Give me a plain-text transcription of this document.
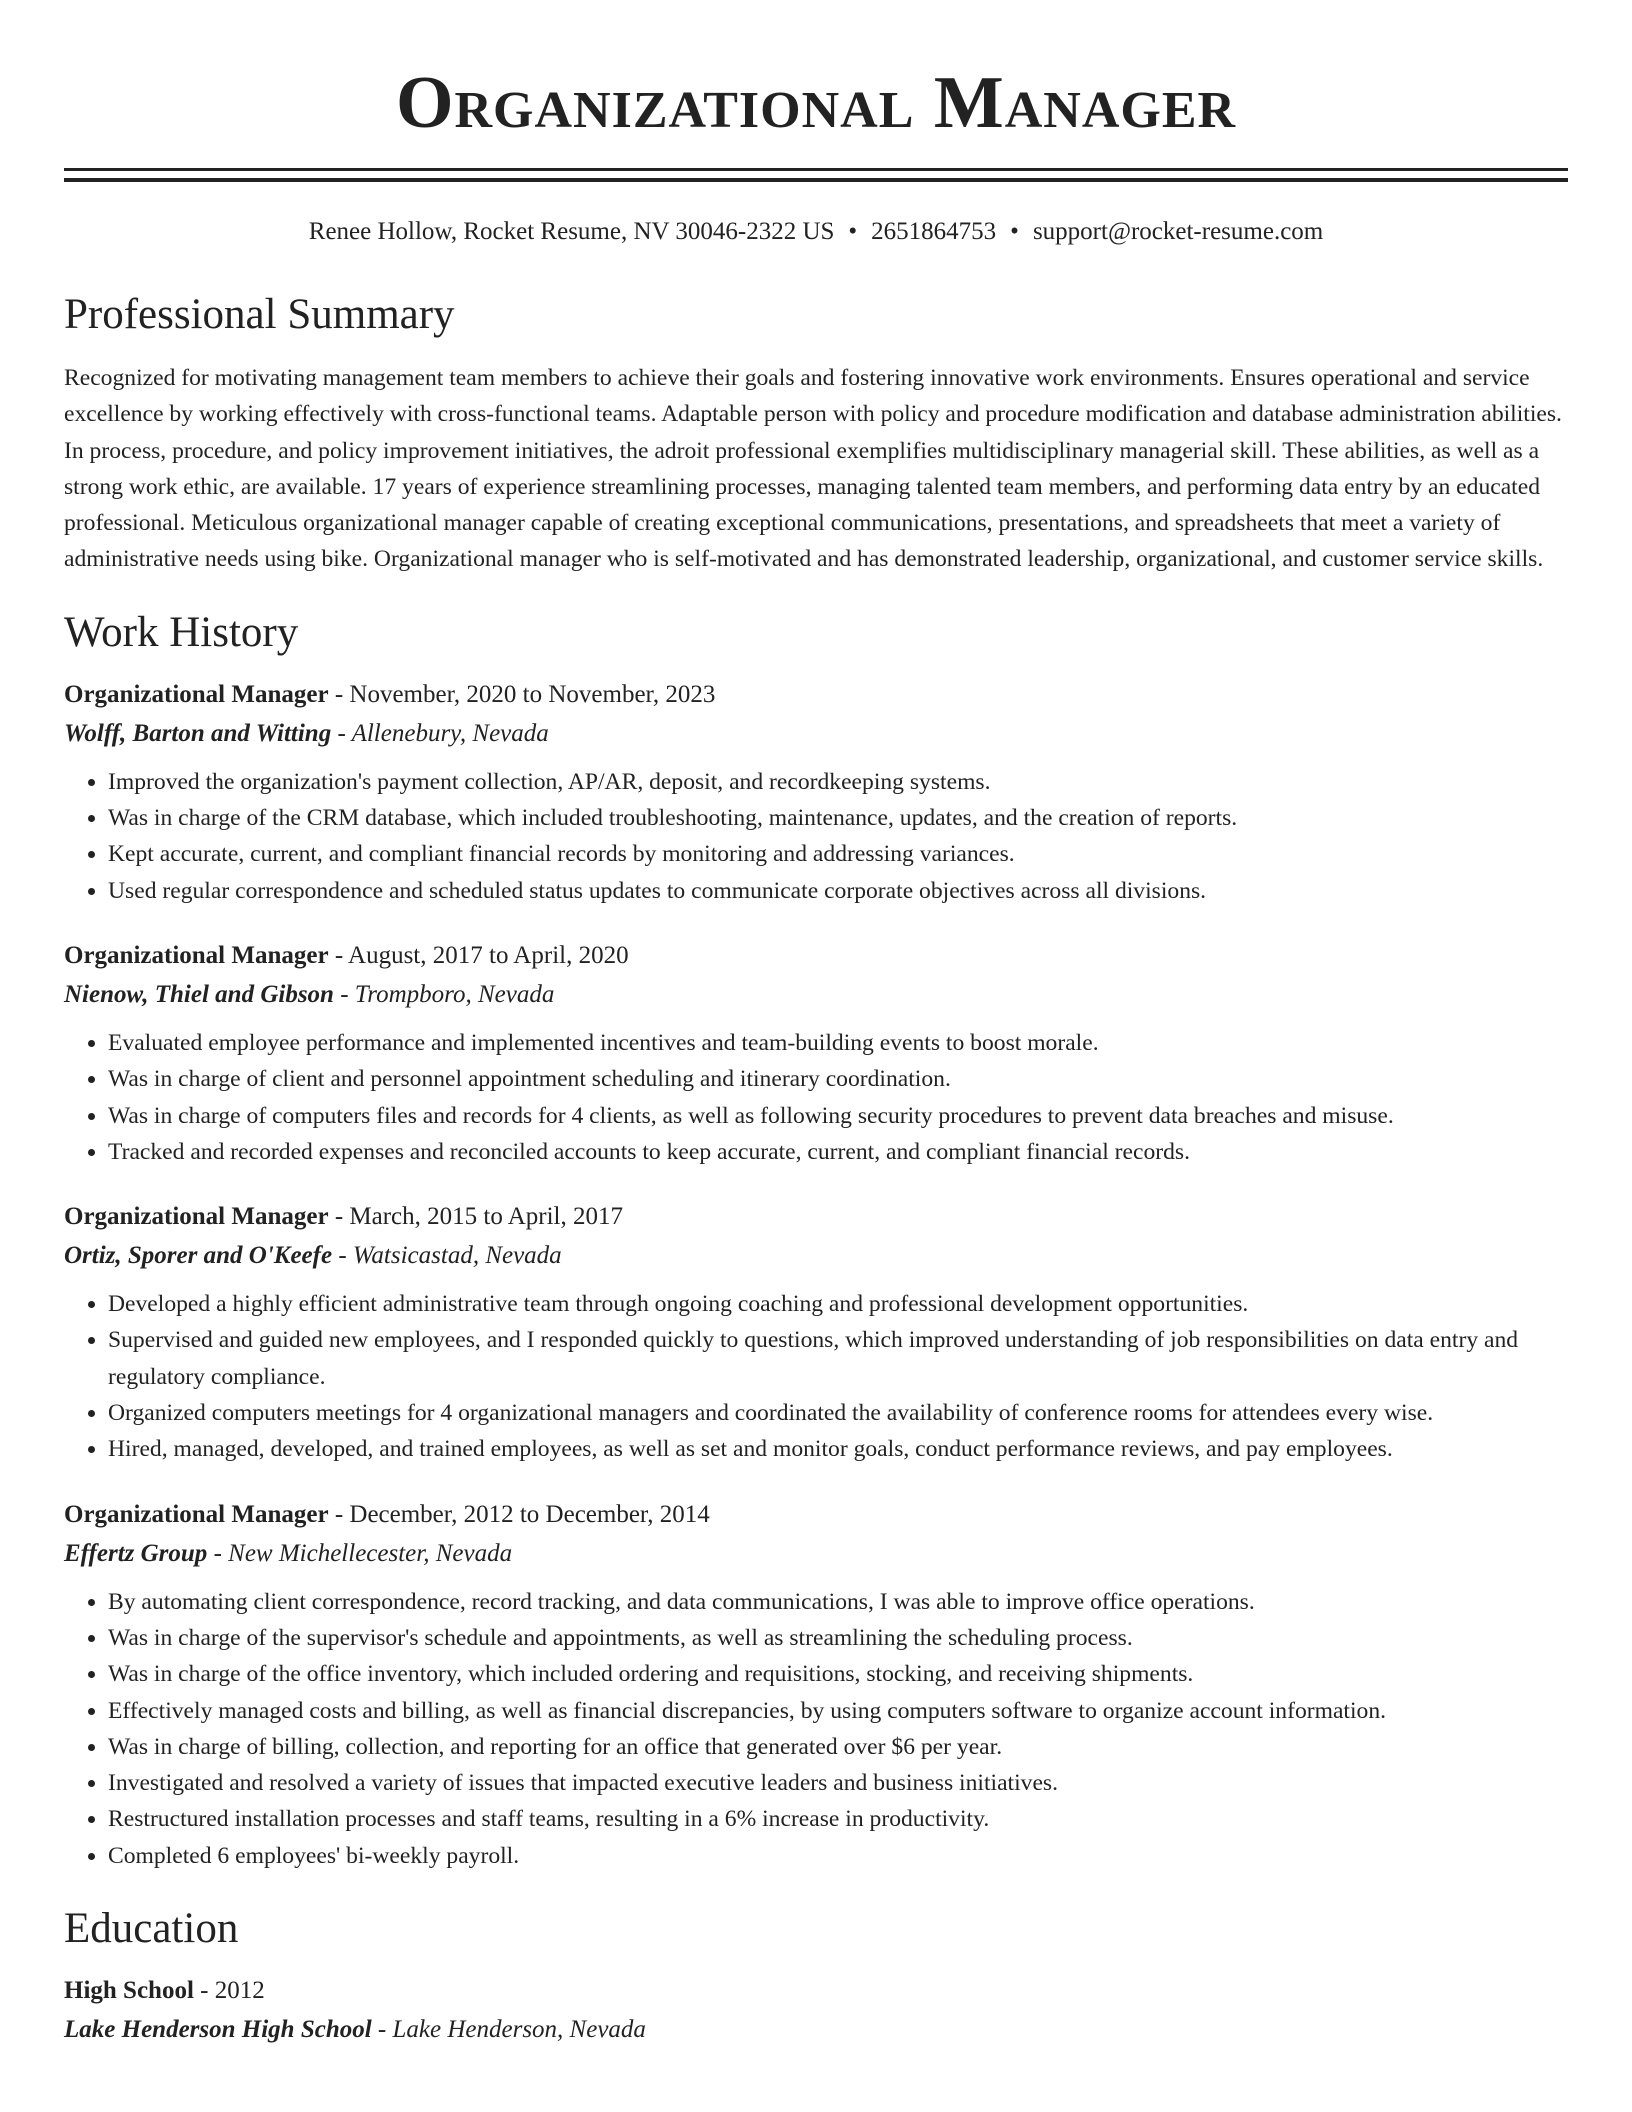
Organizational Manager
Renee Hollow, Rocket Resume, NV 30046-2322 US • 2651864753 • support@rocket-resume.com
Professional Summary
Recognized for motivating management team members to achieve their goals and fostering innovative work environments. Ensures operational and service excellence by working effectively with cross-functional teams. Adaptable person with policy and procedure modification and database administration abilities. In process, procedure, and policy improvement initiatives, the adroit professional exemplifies multidisciplinary managerial skill. These abilities, as well as a strong work ethic, are available. 17 years of experience streamlining processes, managing talented team members, and performing data entry by an educated professional. Meticulous organizational manager capable of creating exceptional communications, presentations, and spreadsheets that meet a variety of administrative needs using bike. Organizational manager who is self-motivated and has demonstrated leadership, organizational, and customer service skills.
Work History
Organizational Manager - November, 2020 to November, 2023
Wolff, Barton and Witting - Allenebury, Nevada
• Improved the organization's payment collection, AP/AR, deposit, and recordkeeping systems.
• Was in charge of the CRM database, which included troubleshooting, maintenance, updates, and the creation of reports.
• Kept accurate, current, and compliant financial records by monitoring and addressing variances.
• Used regular correspondence and scheduled status updates to communicate corporate objectives across all divisions.
Organizational Manager - August, 2017 to April, 2020
Nienow, Thiel and Gibson - Trompboro, Nevada
• Evaluated employee performance and implemented incentives and team-building events to boost morale.
• Was in charge of client and personnel appointment scheduling and itinerary coordination.
• Was in charge of computers files and records for 4 clients, as well as following security procedures to prevent data breaches and misuse.
• Tracked and recorded expenses and reconciled accounts to keep accurate, current, and compliant financial records.
Organizational Manager - March, 2015 to April, 2017
Ortiz, Sporer and O'Keefe - Watsicastad, Nevada
• Developed a highly efficient administrative team through ongoing coaching and professional development opportunities.
• Supervised and guided new employees, and I responded quickly to questions, which improved understanding of job responsibilities on data entry and regulatory compliance.
• Organized computers meetings for 4 organizational managers and coordinated the availability of conference rooms for attendees every wise.
• Hired, managed, developed, and trained employees, as well as set and monitor goals, conduct performance reviews, and pay employees.
Organizational Manager - December, 2012 to December, 2014
Effertz Group - New Michellecester, Nevada
• By automating client correspondence, record tracking, and data communications, I was able to improve office operations.
• Was in charge of the supervisor's schedule and appointments, as well as streamlining the scheduling process.
• Was in charge of the office inventory, which included ordering and requisitions, stocking, and receiving shipments.
• Effectively managed costs and billing, as well as financial discrepancies, by using computers software to organize account information.
• Was in charge of billing, collection, and reporting for an office that generated over $6 per year.
• Investigated and resolved a variety of issues that impacted executive leaders and business initiatives.
• Restructured installation processes and staff teams, resulting in a 6% increase in productivity.
• Completed 6 employees' bi-weekly payroll.
Education
High School - 2012
Lake Henderson High School - Lake Henderson, Nevada
